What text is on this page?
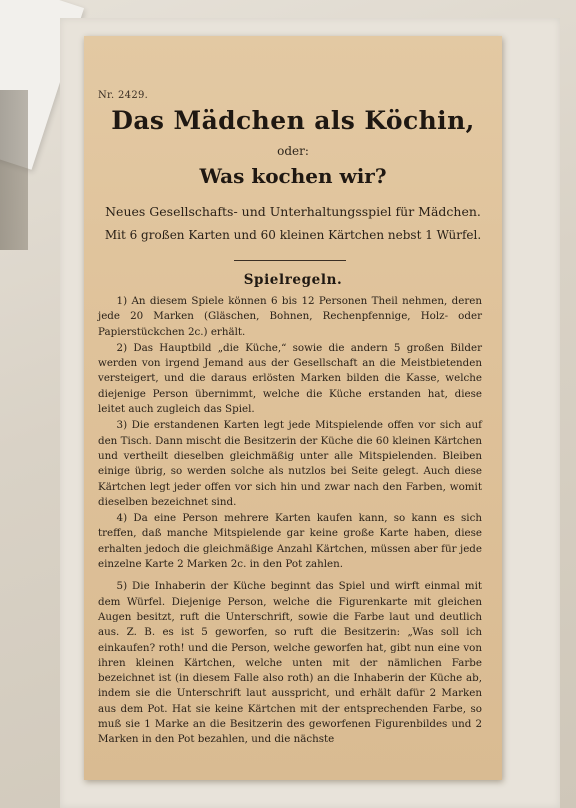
Nr. 2429.
Das Mädchen als Köchin,
oder:
Was kochen wir?
Neues Gesellschafts- und Unterhaltungsspiel für Mädchen.
Mit 6 großen Karten und 60 kleinen Kärtchen nebst 1 Würfel.
Spielregeln.

1) An diesem Spiele können 6 bis 12 Personen Theil nehmen, deren jede 20 Marken (Gläschen, Bohnen, Rechenpfennige, Holz- oder Papierstückchen 2c.) erhält.

2) Das Hauptbild „die Küche,“ sowie die andern 5 großen Bilder werden von irgend Jemand aus der Gesellschaft an die Meistbietenden versteigert, und die daraus erlösten Marken bilden die Kasse, welche diejenige Person übernimmt, welche die Küche erstanden hat, diese leitet auch zugleich das Spiel.

3) Die erstandenen Karten legt jede Mitspielende offen vor sich auf den Tisch. Dann mischt die Besitzerin der Küche die 60 kleinen Kärtchen und vertheilt dieselben gleichmäßig unter alle Mitspielenden. Bleiben einige übrig, so werden solche als nutzlos bei Seite gelegt. Auch diese Kärtchen legt jeder offen vor sich hin und zwar nach den Farben, womit dieselben bezeichnet sind.

4) Da eine Person mehrere Karten kaufen kann, so kann es sich treffen, daß manche Mitspielende gar keine große Karte haben, diese erhalten jedoch die gleichmäßige Anzahl Kärtchen, müssen aber für jede einzelne Karte 2 Marken 2c. in den Pot zahlen.

5) Die Inhaberin der Küche beginnt das Spiel und wirft einmal mit dem Würfel. Diejenige Person, welche die Figurenkarte mit gleichen Augen besitzt, ruft die Unterschrift, sowie die Farbe laut und deutlich aus. Z. B. es ist 5 geworfen, so ruft die Besitzerin: „Was soll ich einkaufen? roth! und die Person, welche geworfen hat, gibt nun eine von ihren kleinen Kärtchen, welche unten mit der nämlichen Farbe bezeichnet ist (in diesem Falle also roth) an die Inhaberin der Küche ab, indem sie die Unterschrift laut ausspricht, und erhält dafür 2 Marken aus dem Pot. Hat sie keine Kärtchen mit der entsprechenden Farbe, so muß sie 1 Marke an die Besitzerin des geworfenen Figurenbildes und 2 Marken in den Pot bezahlen, und die nächste
